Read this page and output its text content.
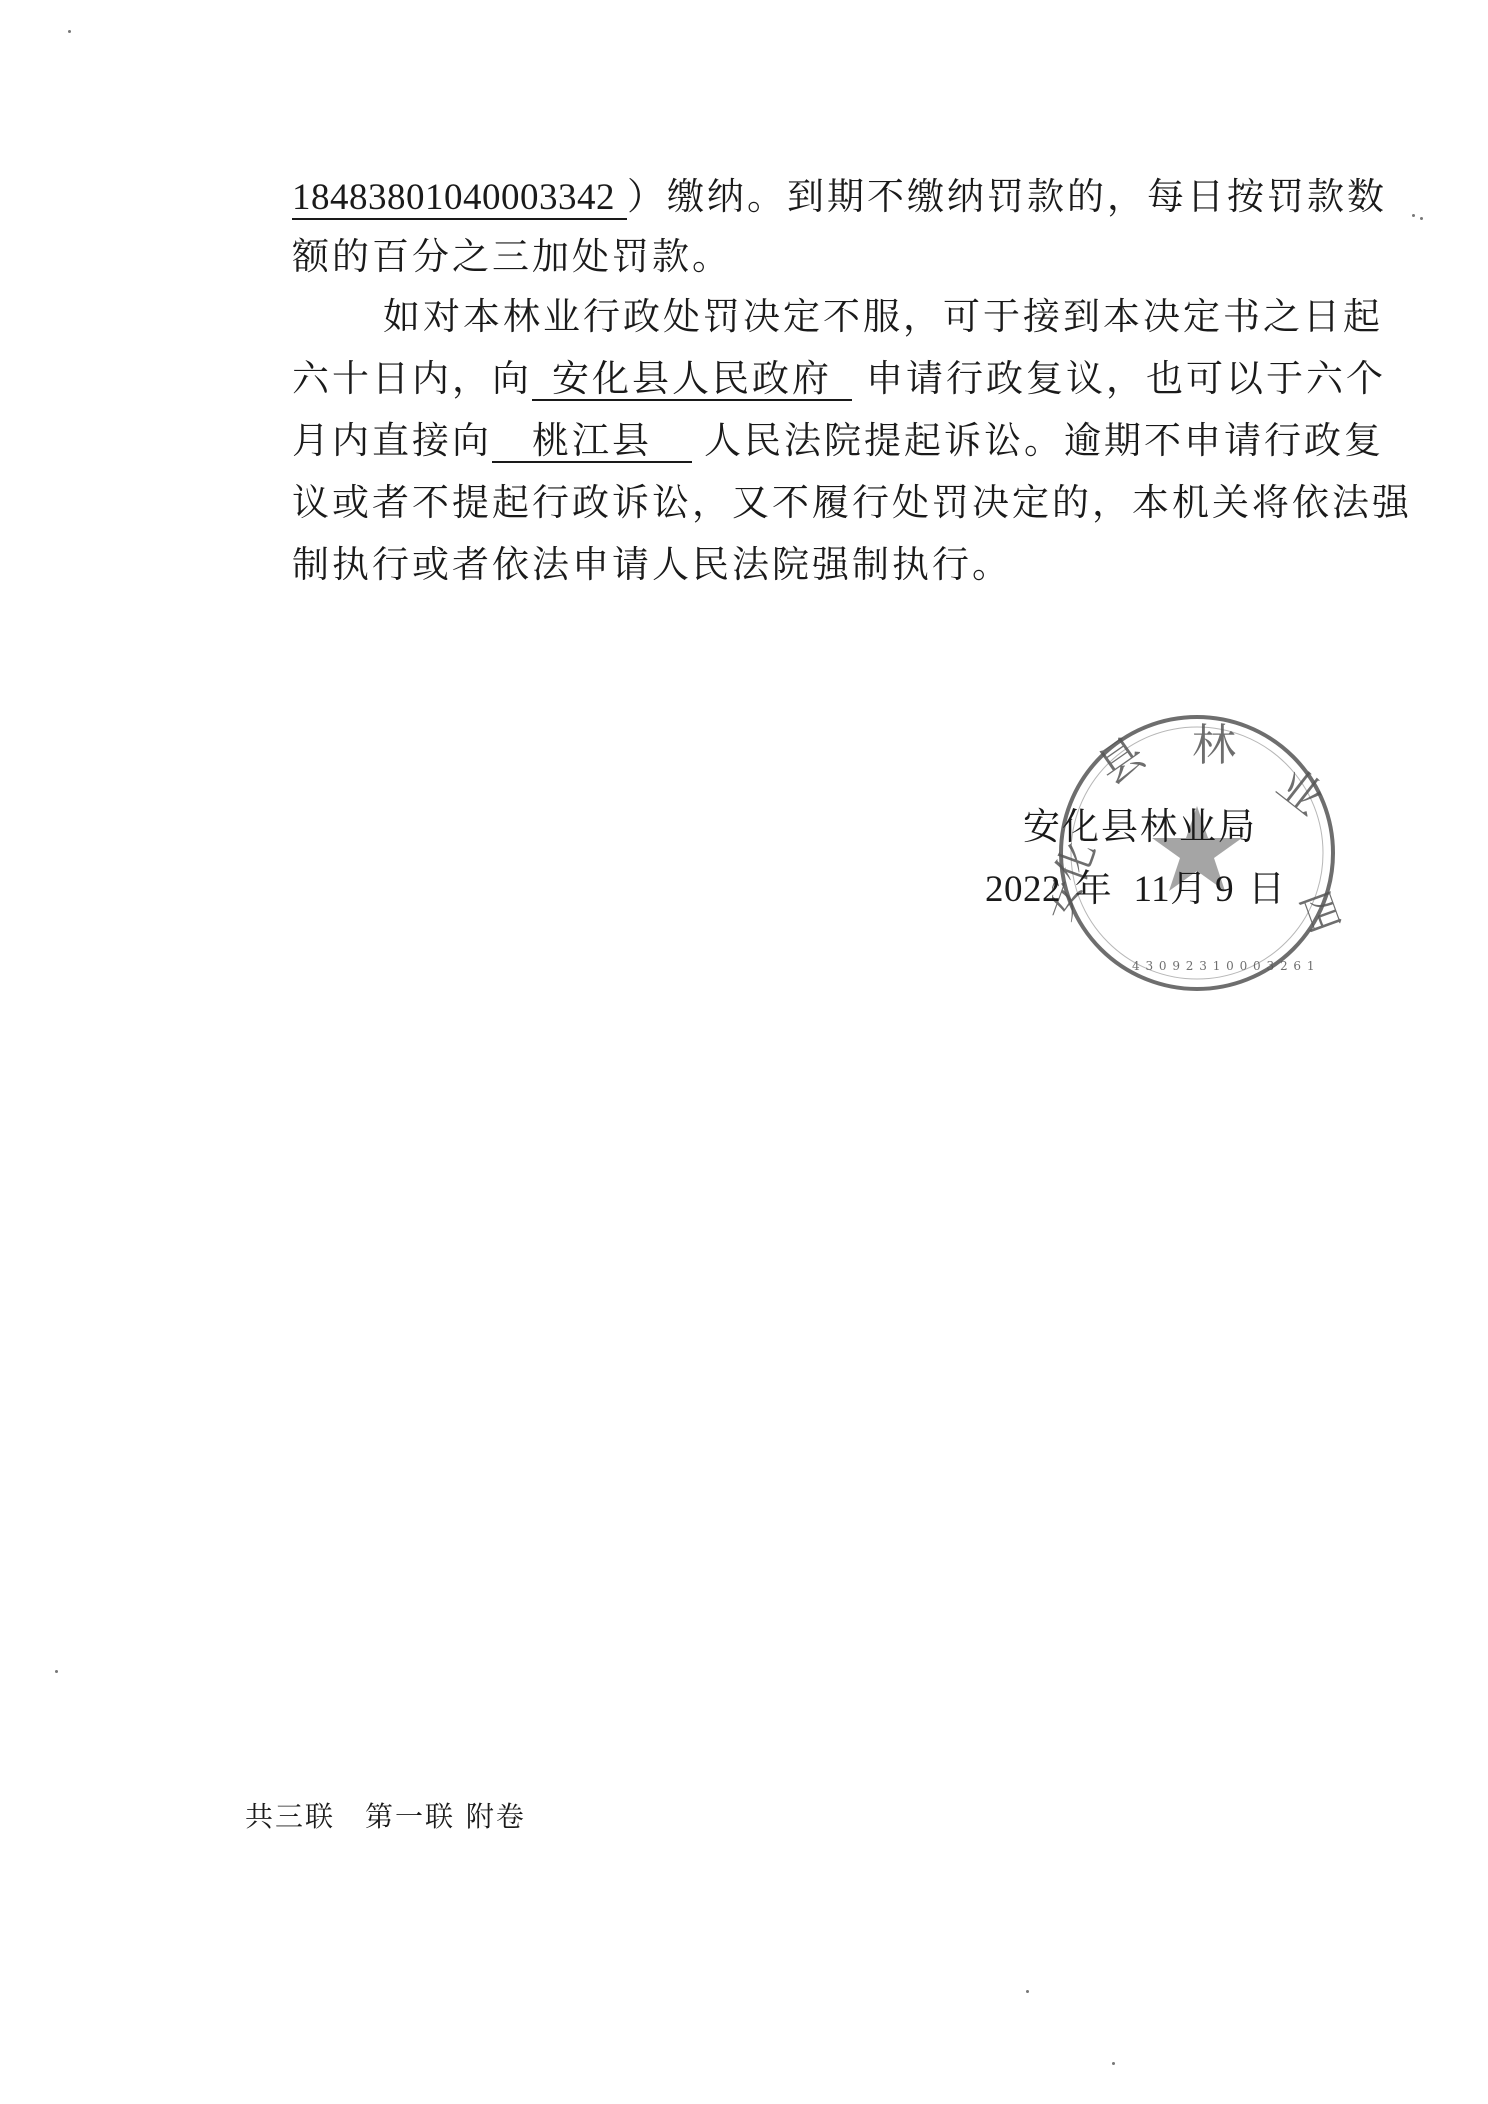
18483801040003342 ）缴纳。到期不缴纳罚款的，每日按罚款数
额的百分之三加处罚款。
如对本林业行政处罚决定不服，可于接到本决定书之日起
六十日内，向 安化县人民政府 申请行政复议，也可以于六个
月内直接向 桃江县 人民法院提起诉讼。逾期不申请行政复
议或者不提起行政诉讼，又不履行处罚决定的，本机关将依法强
制执行或者依法申请人民法院强制执行。
县 林
业
四
安化
4 3 0 9 2 3 1 0 0 0 3 2 6 1
安化县林业局
2022 年 11月 9 日
共三联　第一联 附卷
